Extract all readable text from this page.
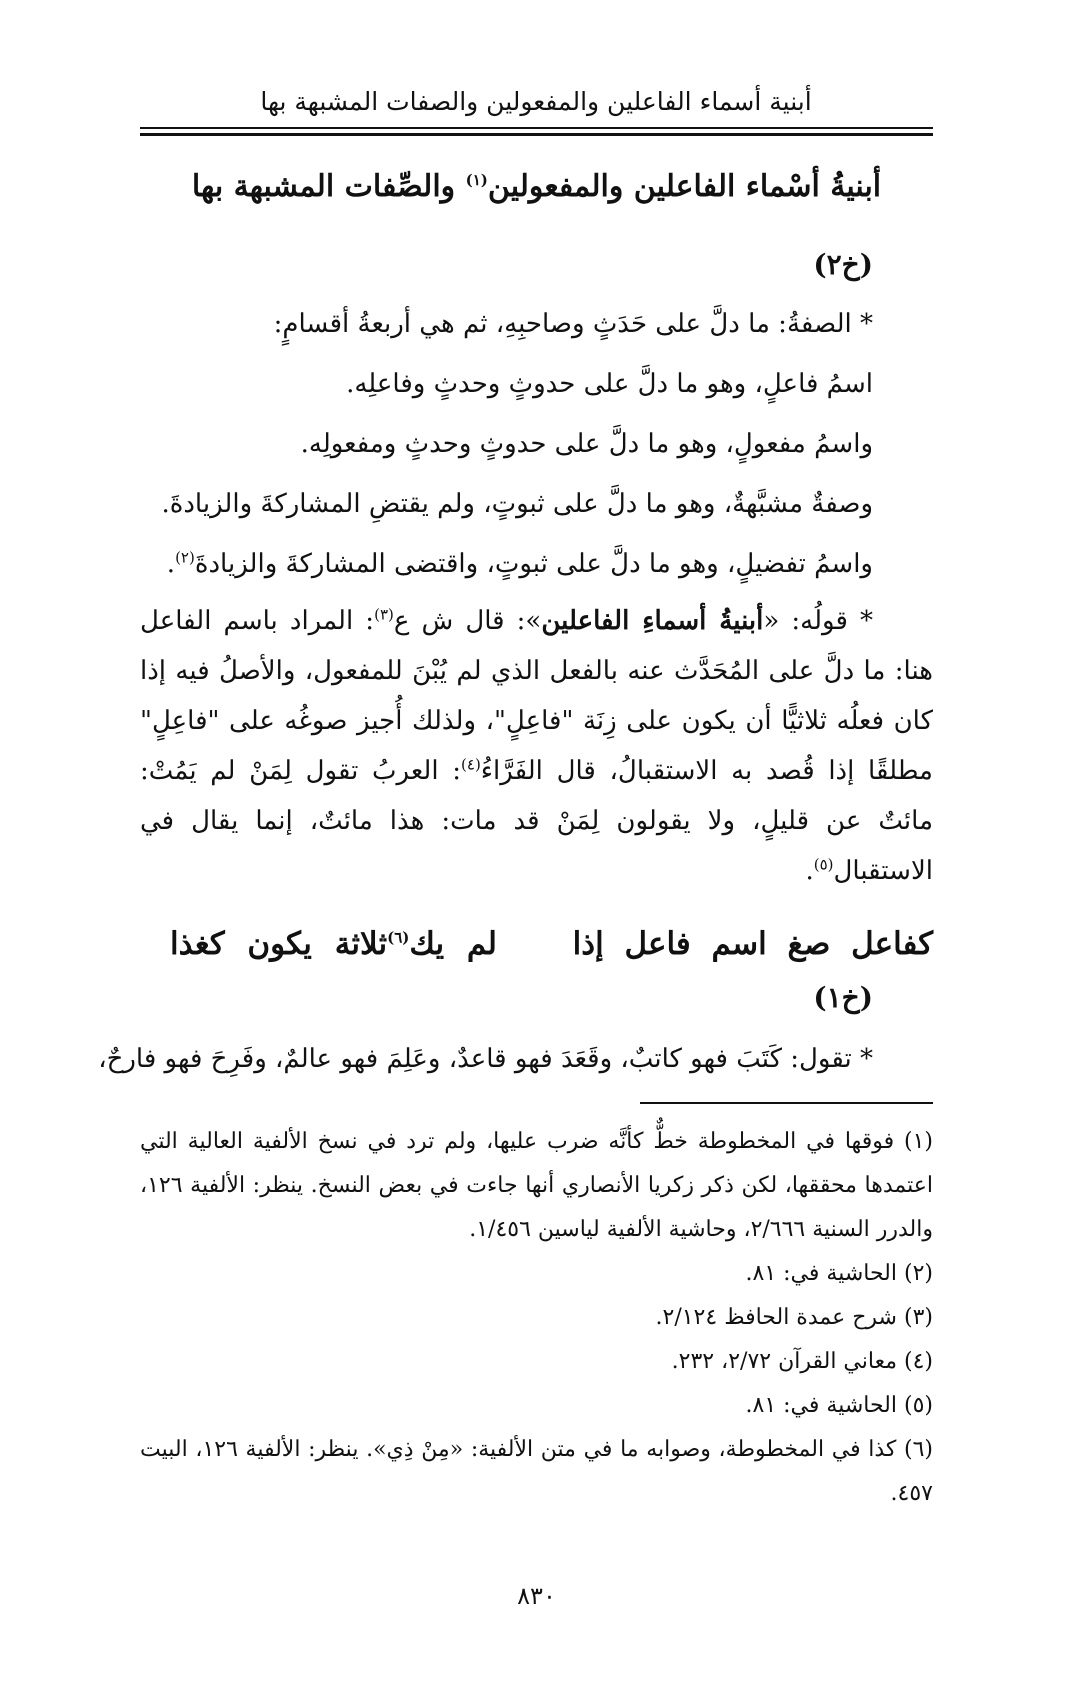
أبنية أسماء الفاعلين والمفعولين والصفات المشبهة بها
أبنيةُ أسْماء الفاعلين والمفعولين$^{(١)}$ والصِّفات المشبهة بها
(خ٢)
* الصفةُ: ما دلَّ على حَدَثٍ وصاحبِهِ، ثم هي أربعةُ أقسامٍ:
اسمُ فاعلٍ، وهو ما دلَّ على حدوثٍ وحدثٍ وفاعلِه.
واسمُ مفعولٍ، وهو ما دلَّ على حدوثٍ وحدثٍ ومفعولِه.
وصفةٌ مشبَّهةٌ، وهو ما دلَّ على ثبوتٍ، ولم يقتضِ المشاركةَ والزيادةَ.
واسمُ تفضيلٍ، وهو ما دلَّ على ثبوتٍ، واقتضى المشاركةَ والزيادةَ$^{(٢)}$.
* قولُه: «أبنيةُ أسماءِ الفاعلين»: قال ش ع$^{(٣)}$: المراد باسم الفاعل هنا: ما دلَّ على المُحَدَّث عنه بالفعل الذي لم يُبْنَ للمفعول، والأصلُ فيه إذا كان فعلُه ثلاثيًّا أن يكون على زِنَة "فاعِلٍ"، ولذلك أُجيز صوغُه على "فاعِلٍ" مطلقًا إذا قُصد به الاستقبالُ، قال الفَرَّاءُ$^{(٤)}$: العربُ تقول لِمَنْ لم يَمُتْ: مائتٌ عن قليلٍ، ولا يقولون لِمَنْ قد مات: هذا مائتٌ، إنما يقال في الاستقبال$^{(٥)}$.
كفاعل صغ اسم فاعل إذا
لم يك$^{(٦)}$ثلاثة يكون كغذا
(خ١)
* تقول: كَتَبَ فهو كاتبٌ، وقَعَدَ فهو قاعدٌ، وعَلِمَ فهو عالمٌ، وفَرِحَ فهو فارحٌ،
(١) فوقها في المخطوطة خطٌّ كأنَّه ضرب عليها، ولم ترد في نسخ الألفية العالية التي اعتمدها محققها، لكن ذكر زكريا الأنصاري أنها جاءت في بعض النسخ. ينظر: الألفية ١٢٦، والدرر السنية ٢/٦٦٦، وحاشية الألفية لياسين ١/٤٥٦.
(٢) الحاشية في: ٨١.
(٣) شرح عمدة الحافظ ٢/١٢٤.
(٤) معاني القرآن ٢/٧٢، ٢٣٢.
(٥) الحاشية في: ٨١.
(٦) كذا في المخطوطة، وصوابه ما في متن الألفية: «مِنْ ذِي». ينظر: الألفية ١٢٦، البيت ٤٥٧.
٨٣٠
